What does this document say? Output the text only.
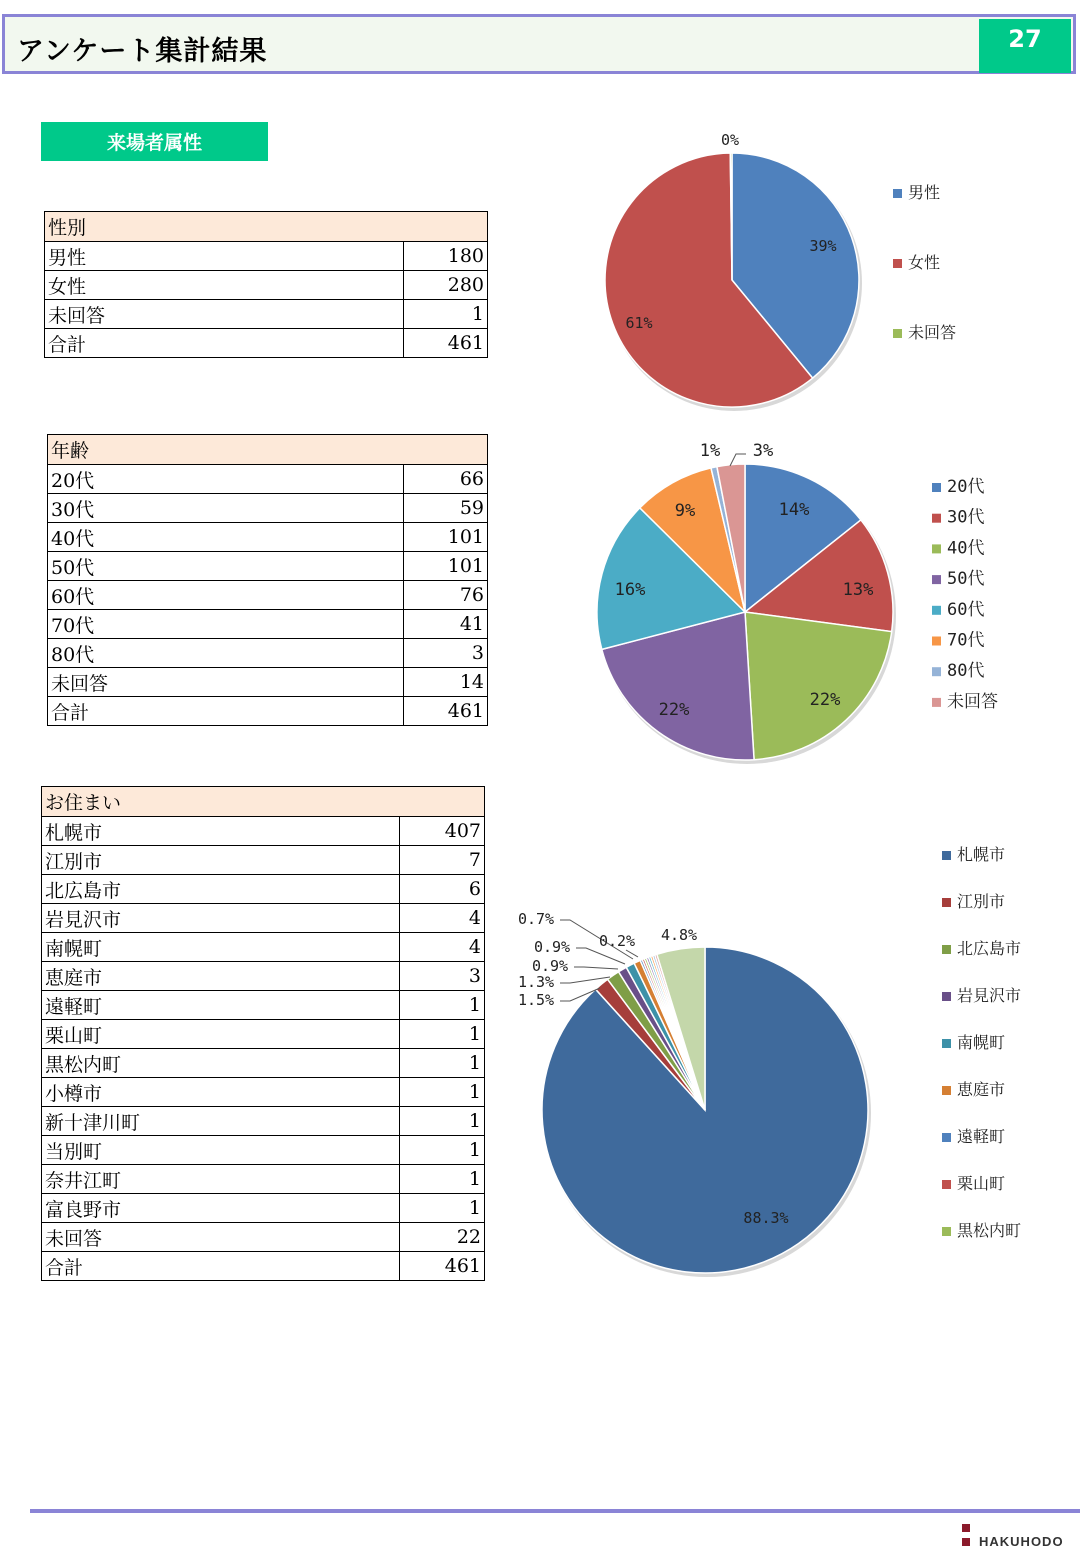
アンケート集計結果	27
来場者属性
性別	
男性	180
女性	280
未回答	1
合計	461
年齢	
20代	66
30代	59
40代	101
50代	101
60代	76
70代	41
80代	3
未回答	14
合計	461
お住まい	
札幌市	407
江別市	7
北広島市	6
岩見沢市	4
南幌町	4
恵庭市	3
遠軽町	1
栗山町	1
黒松内町	1
小樽市	1
新十津川町	1
当別町	1
奈井江町	1
富良野市	1
未回答	22
合計	461
39%
61%
0%
男性
女性
未回答
14%
13%
22%
22%
16%
9%
1% 3%
20代
30代
40代
50代
60代
70代
80代
未回答
88.3%
1.5%
1.3%
0.9%
0.9%
0.7%
0.2% 4.8%
札幌市
江別市
北広島市
岩見沢市
南幌町
恵庭市
遠軽町
栗山町
黒松内町
HAKUHODO
